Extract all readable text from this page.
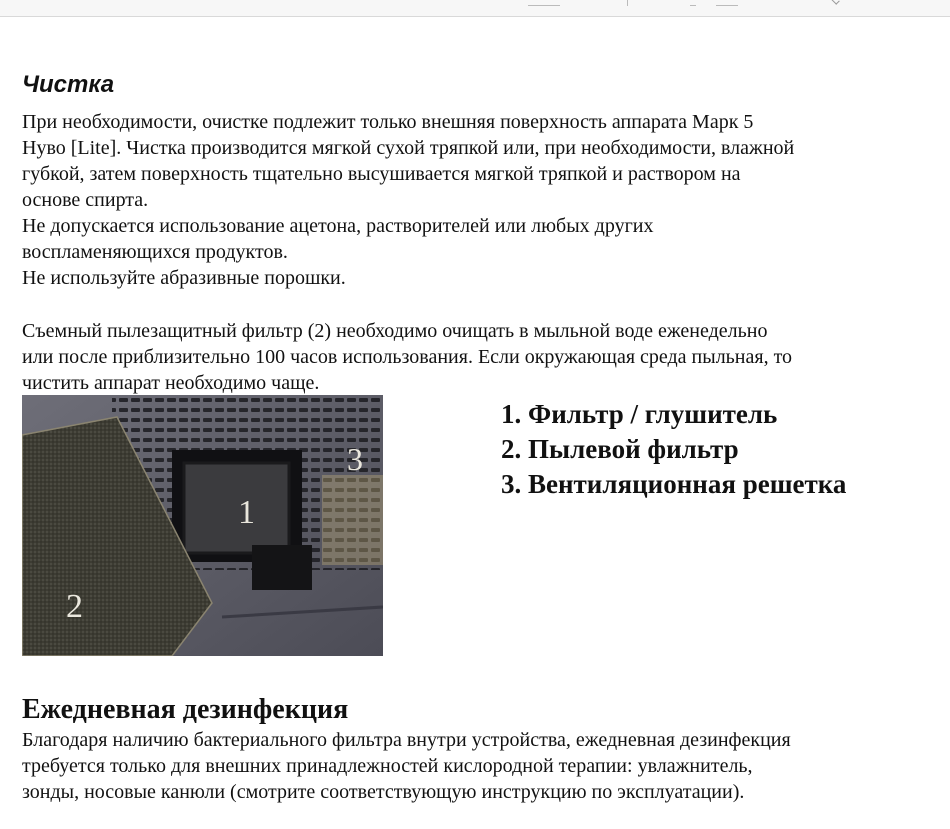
Чистка

При необходимости, очистке подлежит только внешняя поверхность аппарата Марк 5
Нуво [Lite]. Чистка производится мягкой сухой тряпкой или, при необходимости, влажной
губкой, затем поверхность тщательно высушивается мягкой тряпкой и раствором на
основе спирта.

Не допускается использование ацетона, растворителей или любых других
воспламеняющихся продуктов.

Не используйте абразивные порошки.

Съемный пылезащитный фильтр (2) необходимо очищать в мыльной воде еженедельно
или после приблизительно 100 часов использования. Если окружающая среда пыльная, то
чистить аппарат необходимо чаще.

1
2
3
1. Фильтр / глушитель
2. Пылевой фильтр
3. Вентиляционная решетка
Ежедневная дезинфекция

Благодаря наличию бактериального фильтра внутри устройства, ежедневная дезинфекция
требуется только для внешних принадлежностей кислородной терапии: увлажнитель,
зонды, носовые канюли (смотрите соответствующую инструкцию по эксплуатации).
